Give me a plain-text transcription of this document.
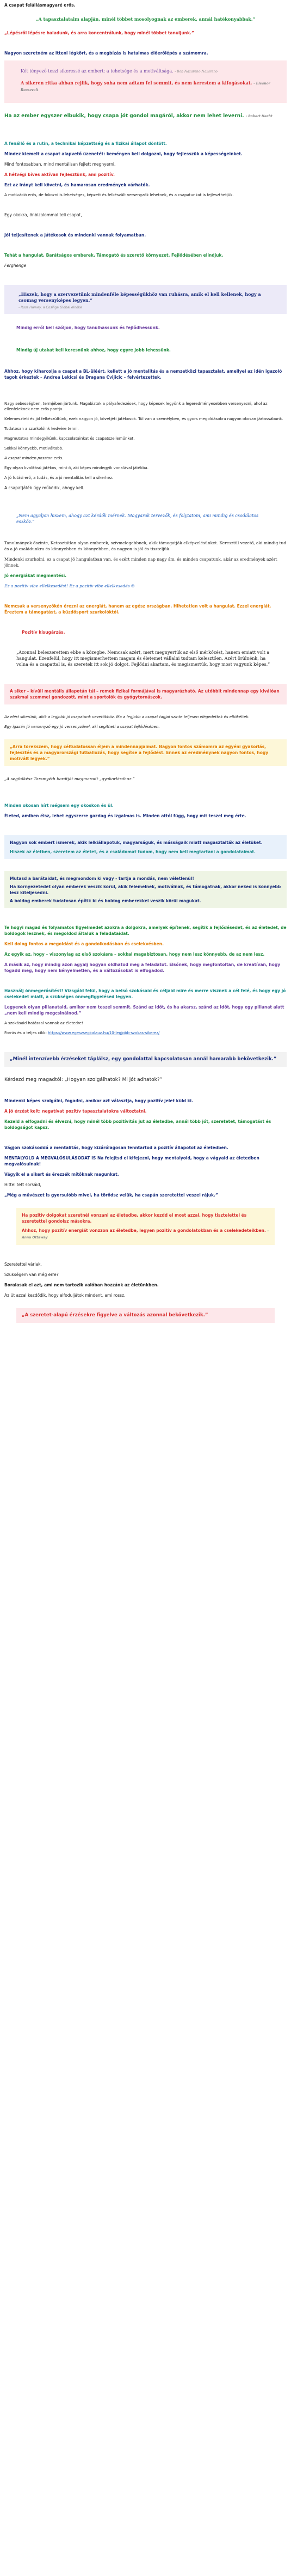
A csapat felállásmagyaré erős.
„A tapasztalataim alapján, minél többet mosolyognak az emberek, annál hatékonyabbak.”
„Lépésről lépésre haladunk, és arra koncentrálunk, hogy minél többet tanuljunk.”
Nagyon szeretném az itteni légkört, és a megbízás is hatalmas élőerőlépés a számomra.
Két tényező teszi sikeressé az embert: a tehetsége és a motiváltsága. - Bob Nazareno-Nazareno
A sikeren ritka abban rejlik, hogy soha nem adtam fel semmit, és nem kerestem a kifogásokat. - Eleanor Roosevelt
Ha az ember egyszer elbukik, hogy csapa jót gondol magáról, akkor nem lehet leverni. - Robert Hecht
A fenálló és a rutin, a technikai képzettség és a fizikai állapot döntött.
Mindez kiemelt a csapat alapvető üzenetét: keményen kell dolgozni, hogy fejlesszük a képességeinket.
Mind fontosabban, mind mentálisan fejlett megnyerni.
A hétvégi bíves aktívan fejlesztünk, ami pozitív.
Ezt az irányt kell követni, és hamarosan eredmények várhatók.
A motiváció erős, de fokozni is lehetséges, képzett és felkészült versenyzők lehetnek, és a csapatunkat is fejleszthetjük.
Egy okokra, önbizalommal teli csapat,
Jól teljesítenek a játékosok és mindenki vannak folyamatban.
Tehát a hangulat, Barátságos emberek, Támogató és szerető környezet. Fejlődésében elindjuk.
Ferghenge
„Hiszek, hogy a szervezetünk mindenféle képességükhöz van ruhásra, amik el kell kellenek, hogy a csomag versenyképes legyen.”
- Ross Harvey, a Cosiliga Global elnöke
Mindig erről kell szóljon, hogy tanulhassunk és fejlődhessünk.
Mindig új utakat kell keresnünk ahhoz, hogy egyre jobb lehessünk.
Ahhoz, hogy kiharcolja a csapat a BL-üléért, kellett a jó mentalitás és a nemzetközi tapasztalat, amellyel az idén igazoló tagok érkeztek – Andrea Lekicsi és Dragana Cvijicic – felvértezettek.
Nagy sebességben, termjében jártunk. Magabiztok a pályafedezések, hogy képesek legyünk a legeredményesebben versenyezni, ahol az ellenfeleknek nem erős pontja.
Kelemeszteti és jól felkészültünk, ezek nagyon jó, követjéti játékosok. Túl van a személyben, és gyors megoldásokra nagyon okosan jártassábunk.
Tudatosan a szurkolóink kedvére tenni.
Magmutatva mindegyikünk, kapcsolatainkat és csapatszellemünket.
Sokkal könnyebb, motiváltabb.
A csapat minden poszton erős.
Egy olyan kvalitású játékos, mint ő, aki képes mindegyik vonalával játékba.
A jó futási erő, a tudás, és a jó mentalitás kell a sikerhez.
A csapatjáték úgy működik, ahogy kell.
„Nem agyaljon hiszem, ahogy azt kérdők mérnek. Magyarok tervezők, és folytatom, ami mindig és csodálatos eszköz.”
Tanulmányok őszinte, Ketosztátlan olyan emberek, szívmelegebbnek, akik támogatják elképzelésünket. Keresztül vezető, aki mindig tud és a jó családunkra és könnyebben és könnyebben, és nagyon is jól és tiszteljük.
Mindenki szurkolni, ez a csapat jó hangulatban van, és ezért minden nap nagy ám, és minden csapatunk, akár az eredmények azért jönnek.
Jó energiákat megmentési.
Ez a pozitív vibe ellelkesedést! Ez a pozitív vibe ellelkesedés ☺
Nemcsak a versenyzőkén érezni az energiát, hanem az egész országban. Hihetetlen volt a hangulat. Ezzel energiát. Éreztem a támogatást, a küzdősport szurkolóktól.
Pozitív kisugárzás.
„Azonnal beleszerettem ebbe a közegbe. Nemcsak azért, mert megnyertük az első mérkőzést, hanem emiatt volt a hangulat. Ezenfelül, hogy itt megismerhettem magam és életemet vállalni tudtam kelesztően. Azért örülnénk, ha volna és a csapattal is, és szeretek itt sok jó dolgot. Fejlődni akartam, és megismertük, hogy most vagyunk képes.”
A siker – kívüli mentális állapotán túl – remek fizikai formájával is magyarázható. Az utóbbit mindennap egy kiválóan szakmai szemmel gondozott, mint a sportolók és gyógytornászok.
Az elért sikerünk, akik a legjobb jó csapatunk vezetőkhöz. Ma a legjobb a csapat tagjai szinte teljesen elégedettek és eltökéltek.
Egy igazán jó versenyző egy jó versenyzővel, aki segítheti a csapat fejlődésében.
„Arra törekszem, hogy céltudatossan éljem a mindennapjaimat. Nagyon fontos számomra az egyéni gyakorlás, fejlesztés és a magyarországi futballozás, hogy segítse a fejlődést. Ennek az eredménynek nagyon fontos, hogy motivált legyek.”
„A segítőkész Tarsmyéth barátját megmaradt „gyakorlásához.”
Minden okosan hírt mégsem egy okoskon és ül.
Életed, amiben élsz, lehet egyszerre gazdag és izgalmas is. Minden attól függ, hogy mit teszel meg érte.
Nagyon sok embert ismerek, akik lelkiállapotuk, magyarságuk, és másságaik miatt magasztalták az életüket.
Hiszek az életben, szeretem az életet, és a családomat tudom, hogy nem kell megtartani a gondolataimat.
Mutasd a barátaidat, és megmondom ki vagy - tartja a mondás, nem véletlenül!
Ha környezetedet olyan emberek veszik körül, akik felemelnek, motiválnak, és támogatnak, akkor neked is könnyebb lesz kiteljesedni.
A boldog emberek tudatosan építik ki és boldog emberekkel veszik körül magukat.
Te hogyi magad és folyamatos figyelmedet azokra a dolgokra, amelyek építenek, segítik a fejlődésedet, és az életedet, de boldogok lesznek, és megoldod általuk a feladataidat.
Kell dolog fontos a megoldást és a gondolkodásban és cselekvésben.
Az egyik az, hogy – viszonylag az első szokásra – sokkal magabiztosan, hogy nem lesz könnyebb, de az nem lesz.
A másik az, hogy mindig azon agyalj hogyan oldhatod meg a feladatot. Elsőnek, hogy megfontoltan, de kreatívan, hogy fogadd meg, hogy nem kényelmetlen, és a változásokat is elfogadod.
Használj önmegerősítést! Vizsgáld felül, hogy a belső szokásaid és céljaid mire és merre visznek a cél felé, és hogy egy jó cselekedet miatt, a szükséges önmegfigyelésed legyen.
Legyenek olyan pillanataid, amikor nem teszel semmit. Szánd az időt, és ha akarsz, szánd az időt, hogy egy pillanat alatt „nem kell mindig megcsinálnod.”
A szokásaid hatással vannak az életedre!
Forrás és a teljes cikk: https://www.egeszsegkalauz.hu/10-legjobb-szokas-sikerez/
„Minél intenzívebb érzéseket táplálsz, egy gondolattal kapcsolatosan annál hamarabb bekövetkezik.”
Kérdezd meg magadtól: „Hogyan szolgálhatok? Mi jót adhatok?”
Mindenki képes szolgálni, fogadni, amikor azt választja, hogy pozitív jelet küld ki.
A jó érzést kelt: negatívat pozitív tapasztalatokra változtatni.
Kezeld a elfogadni és élvezni, hogy minél több pozitívitás jut az életedbe, annál több jót, szeretetet, támogatást és boldogságot kapsz.
Vágjon szokásoddá a mentalitás, hogy kizárólagosan fenntartod a pozitív állapotot az életedben.
MENTALYOLD A MEGVALÓSULÁSODAT IS Na felejtsd el kifejezni, hogy mentalyold, hogy a vágyaid az életedben megvalósulnak!
Vágyik el a sikert és érezzék mítőknak magunkat.
Hittel tett sorsáid,
„Még a művészet is gyorsulóbb mivel, ha törődsz velük, ha csapán szeretettel veszel rájuk.”
Ha pozitív dolgokat szeretnél vonzani az életedbe, akkor kezdd el most azzal, hogy tisztelettel és szeretettel gondolsz másokra.
Ahhoz, hogy pozitív energiát vonzzon az életedbe, legyen pozitív a gondolatokban és a cselekedeteikben. - Anna Ottaway
Szeretettel várlak.
Szükségem van még erre?
Boraiasak el azt, ami nem tartozik valóban hozzánk az életünkben.
Az út azzal kezdődik, hogy elfoduljátok mindent, ami rossz.
„A szeretet-alapú érzésekre figyelve a változás azonnal bekövetkezik.”
